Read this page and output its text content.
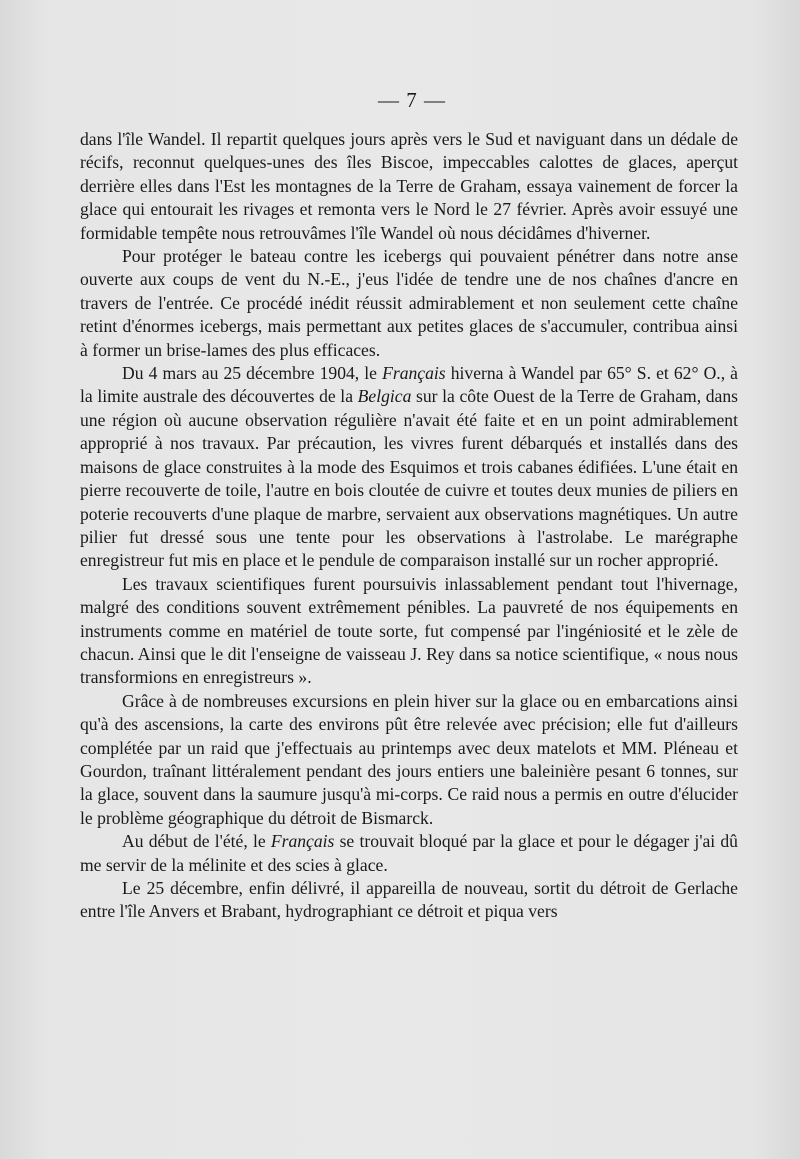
— 7 —

dans l'île Wandel. Il repartit quelques jours après vers le Sud et naviguant dans un dédale de récifs, reconnut quelques-unes des îles Biscoe, impeccables calottes de glaces, aperçut derrière elles dans l'Est les montagnes de la Terre de Graham, essaya vainement de forcer la glace qui entourait les rivages et remonta vers le Nord le 27 février. Après avoir essuyé une formidable tempête nous retrouvâmes l'île Wandel où nous décidâmes d'hiverner.

Pour protéger le bateau contre les icebergs qui pouvaient pénétrer dans notre anse ouverte aux coups de vent du N.-E., j'eus l'idée de tendre une de nos chaînes d'ancre en travers de l'entrée. Ce procédé inédit réussit admirablement et non seulement cette chaîne retint d'énormes icebergs, mais permettant aux petites glaces de s'accumuler, contribua ainsi à former un brise-lames des plus efficaces.

Du 4 mars au 25 décembre 1904, le Français hiverna à Wandel par 65° S. et 62° O., à la limite australe des découvertes de la Belgica sur la côte Ouest de la Terre de Graham, dans une région où aucune observation régulière n'avait été faite et en un point admirablement approprié à nos travaux. Par précaution, les vivres furent débarqués et installés dans des maisons de glace construites à la mode des Esquimos et trois cabanes édifiées. L'une était en pierre recouverte de toile, l'autre en bois cloutée de cuivre et toutes deux munies de piliers en poterie recouverts d'une plaque de marbre, servaient aux observations magnétiques. Un autre pilier fut dressé sous une tente pour les observations à l'astrolabe. Le marégraphe enregistreur fut mis en place et le pendule de comparaison installé sur un rocher approprié.

Les travaux scientifiques furent poursuivis inlassablement pendant tout l'hivernage, malgré des conditions souvent extrêmement pénibles. La pauvreté de nos équipements en instruments comme en matériel de toute sorte, fut compensé par l'ingéniosité et le zèle de chacun. Ainsi que le dit l'enseigne de vaisseau J. Rey dans sa notice scientifique, « nous nous transformions en enregistreurs ».

Grâce à de nombreuses excursions en plein hiver sur la glace ou en embarcations ainsi qu'à des ascensions, la carte des environs pût être relevée avec précision; elle fut d'ailleurs complétée par un raid que j'effectuais au printemps avec deux matelots et MM. Pléneau et Gourdon, traînant littéralement pendant des jours entiers une baleinière pesant 6 tonnes, sur la glace, souvent dans la saumure jusqu'à mi-corps. Ce raid nous a permis en outre d'élucider le problème géographique du détroit de Bismarck.

Au début de l'été, le Français se trouvait bloqué par la glace et pour le dégager j'ai dû me servir de la mélinite et des scies à glace.

Le 25 décembre, enfin délivré, il appareilla de nouveau, sortit du détroit de Gerlache entre l'île Anvers et Brabant, hydrographiant ce détroit et piqua vers
